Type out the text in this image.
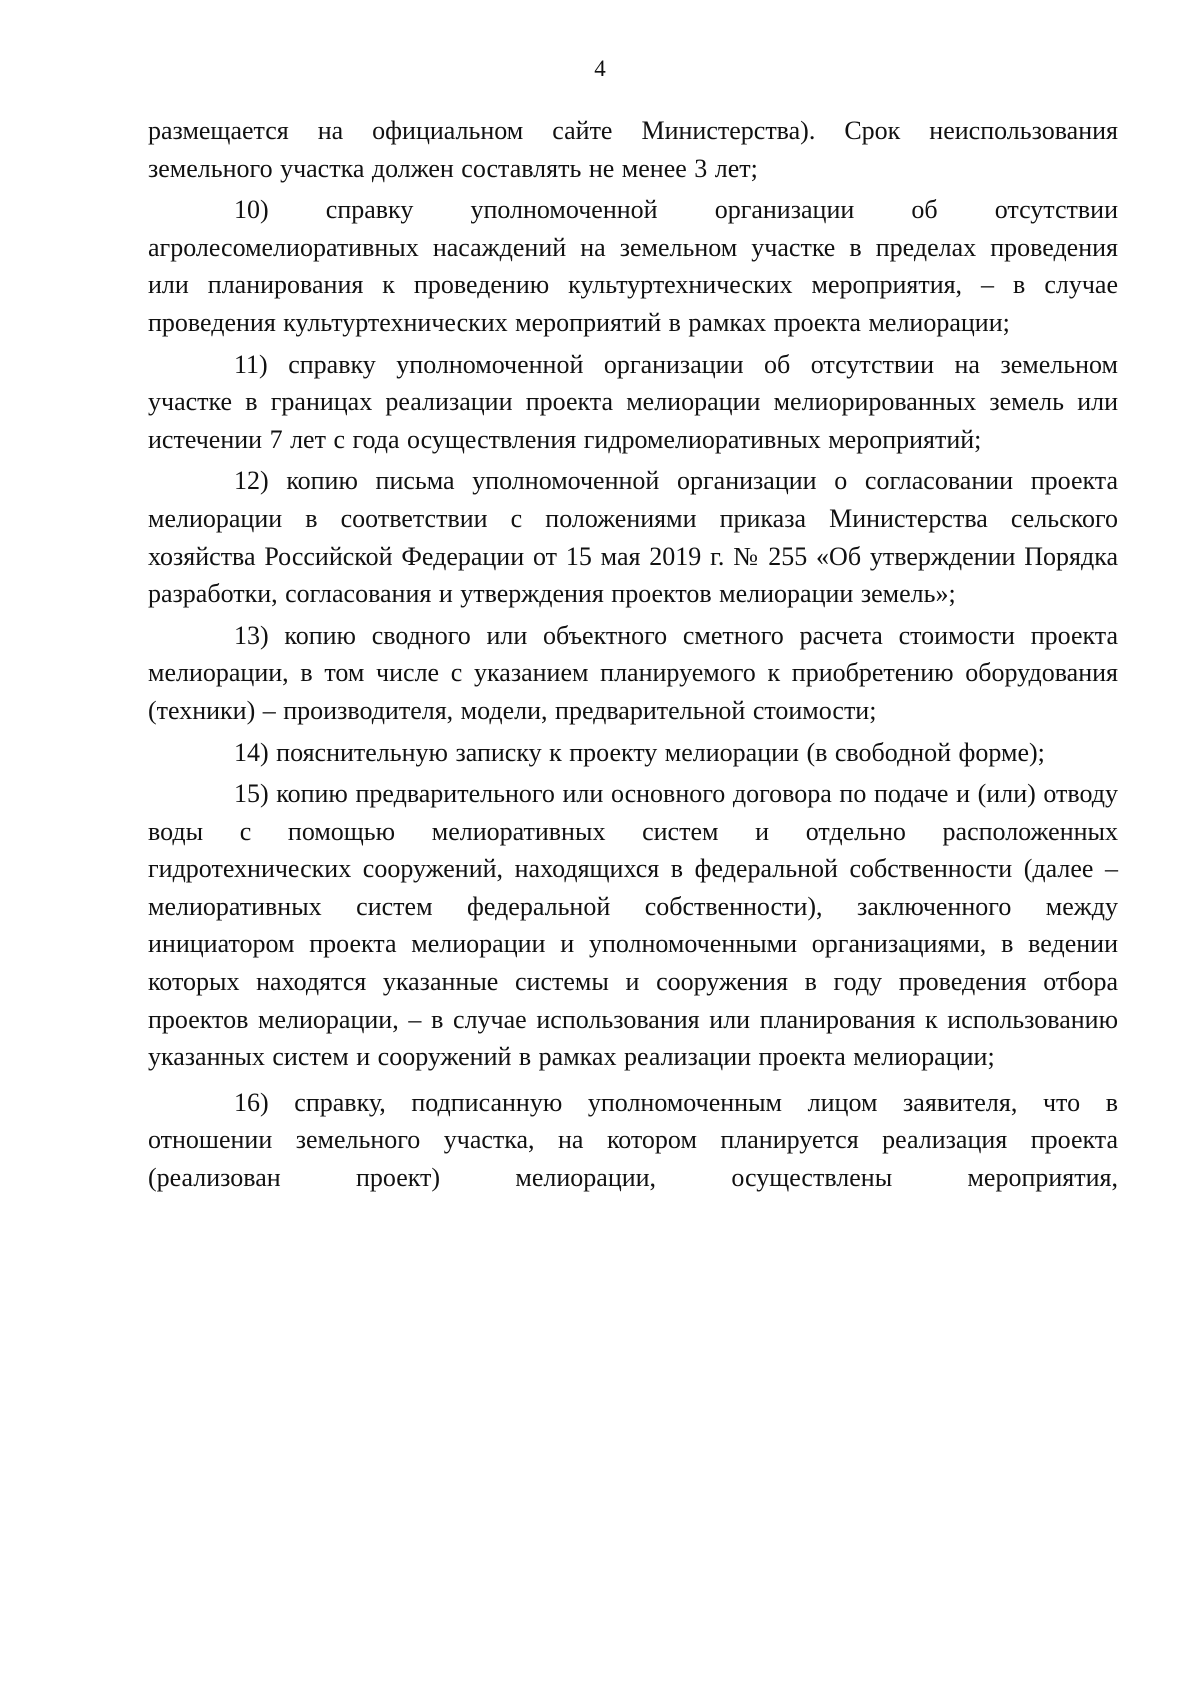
4

размещается на официальном сайте Министерства). Срок неиспользования земельного участка должен составлять не менее 3 лет;

10) справку уполномоченной организации об отсутствии агролесомелиоративных насаждений на земельном участке в пределах проведения или планирования к проведению культуртехнических мероприятия, – в случае проведения культуртехнических мероприятий в рамках проекта мелиорации;

11) справку уполномоченной организации об отсутствии на земельном участке в границах реализации проекта мелиорации мелиорированных земель или истечении 7 лет с года осуществления гидромелиоративных мероприятий;

12) копию письма уполномоченной организации о согласовании проекта мелиорации в соответствии с положениями приказа Министерства сельского хозяйства Российской Федерации от 15 мая 2019 г. № 255 «Об утверждении Порядка разработки, согласования и утверждения проектов мелиорации земель»;

13) копию сводного или объектного сметного расчета стоимости проекта мелиорации, в том числе с указанием планируемого к приобретению оборудования (техники) – производителя, модели, предварительной стоимости;

14) пояснительную записку к проекту мелиорации (в свободной форме);

15) копию предварительного или основного договора по подаче и (или) отводу воды с помощью мелиоративных систем и отдельно расположенных гидротехнических сооружений, находящихся в федеральной собственности (далее – мелиоративных систем федеральной собственности), заключенного между инициатором проекта мелиорации и уполномоченными организациями, в ведении которых находятся указанные системы и сооружения в году проведения отбора проектов мелиорации, – в случае использования или планирования к использованию указанных систем и сооружений в рамках реализации проекта мелиорации;

16) справку, подписанную уполномоченным лицом заявителя, что в отношении земельного участка, на котором планируется реализация проекта (реализован проект) мелиорации, осуществлены мероприятия,
